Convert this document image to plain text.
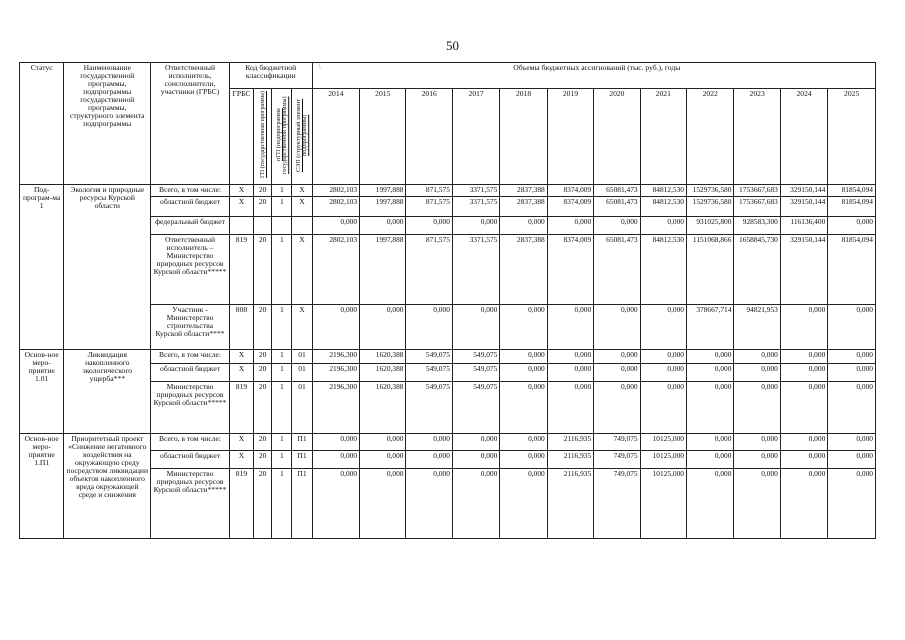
50
Статус	Наименование государственной программы, подпрограммы государственной программы, структурного элемента подпрограммы	Ответственный исполнитель, соисполнители, участники (ГРБС)	Код бюджетной классификации				\ Объемы бюджетных ассигнований (тыс. руб.), годы											
			ГРБС	ГП (государственная программа)	пГП (подпрограмма государственной программы)	СЭП (структурный элемент подпрограммы)	2014	2015	2016	2017	2018	2019	2020	2021	2022	2023	2024	2025
Под-програм-ма 1	Экология и природные ресурсы Курской области	Всего, в том числе:	Х	20	1	Х	2802,103	1997,888	871,575	3371,575	2837,388	8374,009	65081,473	84812,530	1529736,580	1753667,683	329150,144	81854,094
		областной бюджет	Х	20	1	Х	2802,103	1997,888	871,575	3371,575	2837,388	8374,009	65081,473	84812,530	1529736,580	1753667,683	329150,144	81854,094
		федеральный бюджет					0,000	0,000	0,000	0,000	0,000	0,000	0,000	0,000	931025,800	928583,300	116136,400	0,000
		Ответственный исполнитель – Министерство природных ресурсов Курской области*****	819	20	1	Х	2802,103	1997,888	871,575	3371,575	2837,388	8374,009	65081,473	84812,530	1151068,866	1658845,730	329150,144	81854,094
		Участник - Министерство строительства Курской области****	808	20	1	Х	0,000	0,000	0,000	0,000	0,000	0,000	0,000	0,000	378667,714	94821,953	0,000	0,000
Основ-ное меро-приятие 1.01	Ликвидация накопленного экологического ущерба***	Всего, в том числе:	Х	20	1	01	2196,300	1620,388	549,075	549,075	0,000	0,000	0,000	0,000	0,000	0,000	0,000	0,000
		областной бюджет	Х	20	1	01	2196,300	1620,388	549,075	549,075	0,000	0,000	0,000	0,000	0,000	0,000	0,000	0,000
		Министерство природных ресурсов Курской области*****	819	20	1	01	2196,300	1620,388	549,075	549,075	0,000	0,000	0,000	0,000	0,000	0,000	0,000	0,000
Основ-ное меро-приятие 1.П1	Приоритетный проект «Снижение негативного воздействия на окружающую среду посредством ликвидации объектов накопленного вреда окружающей среде и снижения	Всего, в том числе:	Х	20	1	П1	0,000	0,000	0,000	0,000	0,000	2116,935	749,075	10125,000	0,000	0,000	0,000	0,000
		областной бюджет	Х	20	1	П1	0,000	0,000	0,000	0,000	0,000	2116,935	749,075	10125,000	0,000	0,000	0,000	0,000
		Министерство природных ресурсов Курской области*****	819	20	1	П1	0,000	0,000	0,000	0,000	0,000	2116,935	749,075	10125,000	0,000	0,000	0,000	0,000
